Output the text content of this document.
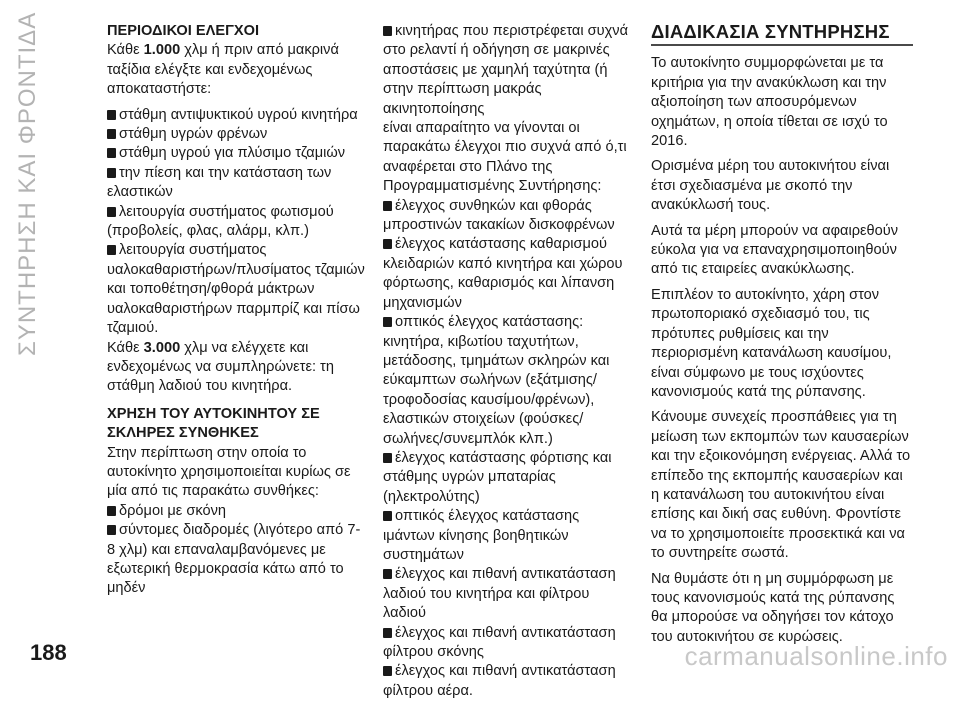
ΣΥΝΤΗΡΗΣΗ ΚΑΙ ΦΡΟΝΤΙΔΑ	ΠΕΡΙΟΔΙΚΟΙ ΕΛΕΓΧΟΙ

Κάθε 1.000 χλμ ή πριν από μακρινά ταξίδια ελέγξτε και ενδεχομένως αποκαταστήστε:

στάθμη αντιψυκτικού υγρού κινητήρα

στάθμη υγρών φρένων

στάθμη υγρού για πλύσιμο τζαμιών

την πίεση και την κατάσταση των ελαστικών

λειτουργία συστήματος φωτισμού (προβολείς, φλας, αλάρμ, κλπ.)

λειτουργία συστήματος υαλοκαθαριστήρων/πλυσίματος τζαμιών και τοποθέτηση/φθορά μάκτρων υαλοκαθαριστήρων παρμπρίζ και πίσω τζαμιού.

Κάθε 3.000 χλμ να ελέγχετε και ενδεχομένως να συμπληρώνετε: τη στάθμη λαδιού του κινητήρα.

ΧΡΗΣΗ ΤΟΥ ΑΥΤΟΚΙΝΗΤΟΥ ΣΕ ΣΚΛΗΡΕΣ ΣΥΝΘΗΚΕΣ

Στην περίπτωση στην οποία το αυτοκίνητο χρησιμοποιείται κυρίως σε μία από τις παρακάτω συνθήκες:

δρόμοι με σκόνη

σύντομες διαδρομές (λιγότερο από 7-8 χλμ) και επαναλαμβανόμενες με εξωτερική θερμοκρασία κάτω από το μηδέν

κινητήρας που περιστρέφεται συχνά στο ρελαντί ή οδήγηση σε μακρινές αποστάσεις με χαμηλή ταχύτητα (ή στην περίπτωση μακράς ακινητοποίησης

είναι απαραίτητο να γίνονται οι παρακάτω έλεγχοι πιο συχνά από ό,τι αναφέρεται στο Πλάνο της Προγραμματισμένης Συντήρησης:

έλεγχος συνθηκών και φθοράς μπροστινών τακακίων δισκοφρένων

έλεγχος κατάστασης καθαρισμού κλειδαριών καπό κινητήρα και χώρου φόρτωσης, καθαρισμός και λίπανση μηχανισμών

οπτικός έλεγχος κατάστασης: κινητήρα, κιβωτίου ταχυτήτων, μετάδοσης, τμημάτων σκληρών και εύκαμπτων σωλήνων (εξάτμισης/τροφοδοσίας καυσίμου/φρένων), ελαστικών στοιχείων (φούσκες/σωλήνες/συνεμπλόκ κλπ.)

έλεγχος κατάστασης φόρτισης και στάθμης υγρών μπαταρίας (ηλεκτρολύτης)

οπτικός έλεγχος κατάστασης ιμάντων κίνησης βοηθητικών συστημάτων

έλεγχος και πιθανή αντικατάσταση λαδιού του κινητήρα και φίλτρου λαδιού

έλεγχος και πιθανή αντικατάσταση φίλτρου σκόνης

έλεγχος και πιθανή αντικατάσταση φίλτρου αέρα.

ΔΙΑΔΙΚΑΣΙΑ ΣΥΝΤΗΡΗΣΗΣ

Το αυτοκίνητο συμμορφώνεται με τα κριτήρια για την ανακύκλωση και την αξιοποίηση των αποσυρόμενων οχημάτων, η οποία τίθεται σε ισχύ το 2016.

Ορισμένα μέρη του αυτοκινήτου είναι έτσι σχεδιασμένα με σκοπό την ανακύκλωσή τους.

Αυτά τα μέρη μπορούν να αφαιρεθούν εύκολα για να επαναχρησιμοποιηθούν από τις εταιρείες ανακύκλωσης.

Επιπλέον το αυτοκίνητο, χάρη στον πρωτοποριακό σχεδιασμό του, τις πρότυπες ρυθμίσεις και την περιορισμένη κατανάλωση καυσίμου, είναι σύμφωνο με τους ισχύοντες κανονισμούς κατά της ρύπανσης.

Κάνουμε συνεχείς προσπάθειες για τη μείωση των εκπομπών των καυσαερίων και την εξοικονόμηση ενέργειας. Αλλά το επίπεδο της εκπομπής καυσαερίων και η κατανάλωση του αυτοκινήτου είναι επίσης και δική σας ευθύνη. Φροντίστε να το χρησιμοποιείτε προσεκτικά και να το συντηρείτε σωστά.

Να θυμάστε ότι η μη συμμόρφωση με τους κανονισμούς κατά της ρύπανσης θα μπορούσε να οδηγήσει τον κάτοχο του αυτοκινήτου σε κυρώσεις.

188	carmanualsonline.info
